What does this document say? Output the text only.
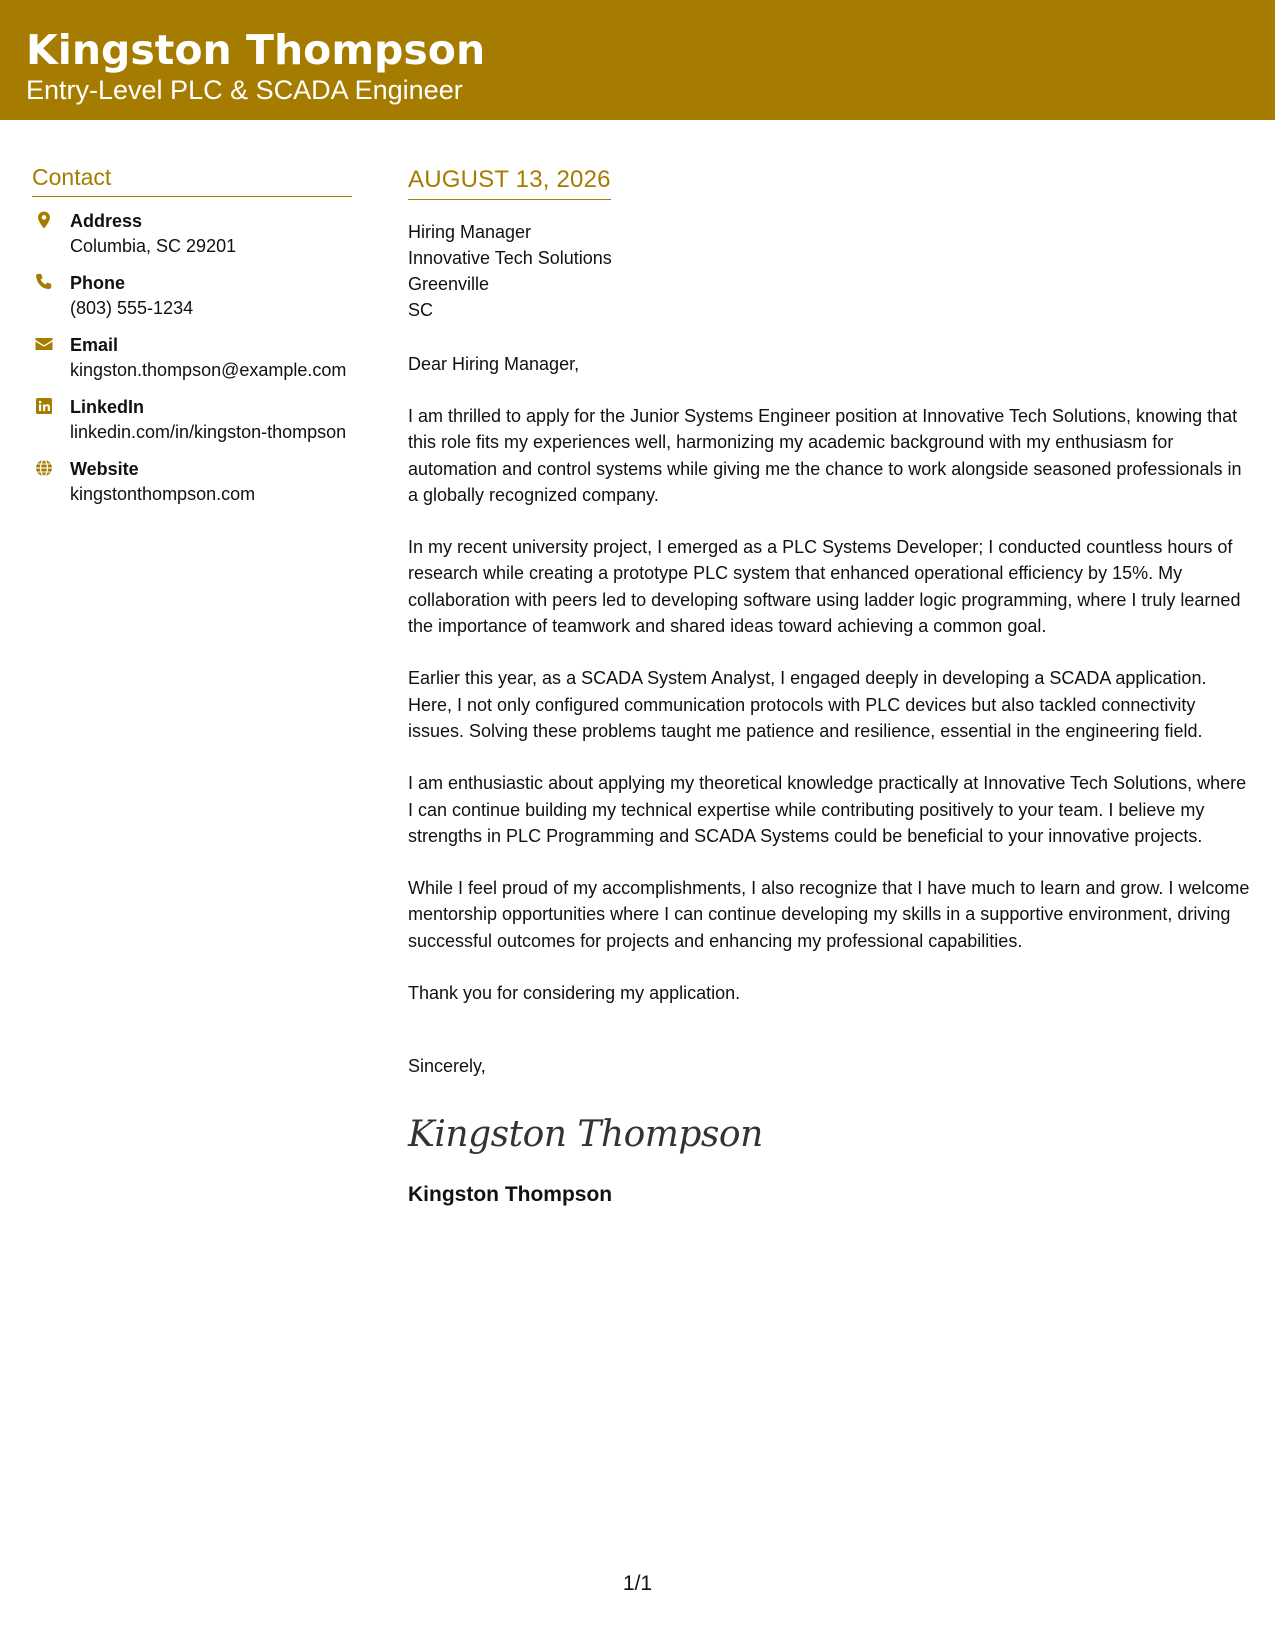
Kingston Thompson
Entry-Level PLC & SCADA Engineer
Contact
Address
Columbia, SC 29201
Phone
(803) 555-1234
Email
kingston.thompson@example.com
LinkedIn
linkedin.com/in/kingston-thompson
Website
kingstonthompson.com
AUGUST 13, 2026
Hiring Manager
Innovative Tech Solutions
Greenville
SC
Dear Hiring Manager,
I am thrilled to apply for the Junior Systems Engineer position at Innovative Tech Solutions, knowing that this role fits my experiences well, harmonizing my academic background with my enthusiasm for automation and control systems while giving me the chance to work alongside seasoned professionals in a globally recognized company.
In my recent university project, I emerged as a PLC Systems Developer; I conducted countless hours of research while creating a prototype PLC system that enhanced operational efficiency by 15%. My collaboration with peers led to developing software using ladder logic programming, where I truly learned the importance of teamwork and shared ideas toward achieving a common goal.
Earlier this year, as a SCADA System Analyst, I engaged deeply in developing a SCADA application. Here, I not only configured communication protocols with PLC devices but also tackled connectivity issues. Solving these problems taught me patience and resilience, essential in the engineering field.
I am enthusiastic about applying my theoretical knowledge practically at Innovative Tech Solutions, where I can continue building my technical expertise while contributing positively to your team. I believe my strengths in PLC Programming and SCADA Systems could be beneficial to your innovative projects.
While I feel proud of my accomplishments, I also recognize that I have much to learn and grow. I welcome mentorship opportunities where I can continue developing my skills in a supportive environment, driving successful outcomes for projects and enhancing my professional capabilities.
Thank you for considering my application.
Sincerely,
Kingston Thompson
Kingston Thompson
1/1
